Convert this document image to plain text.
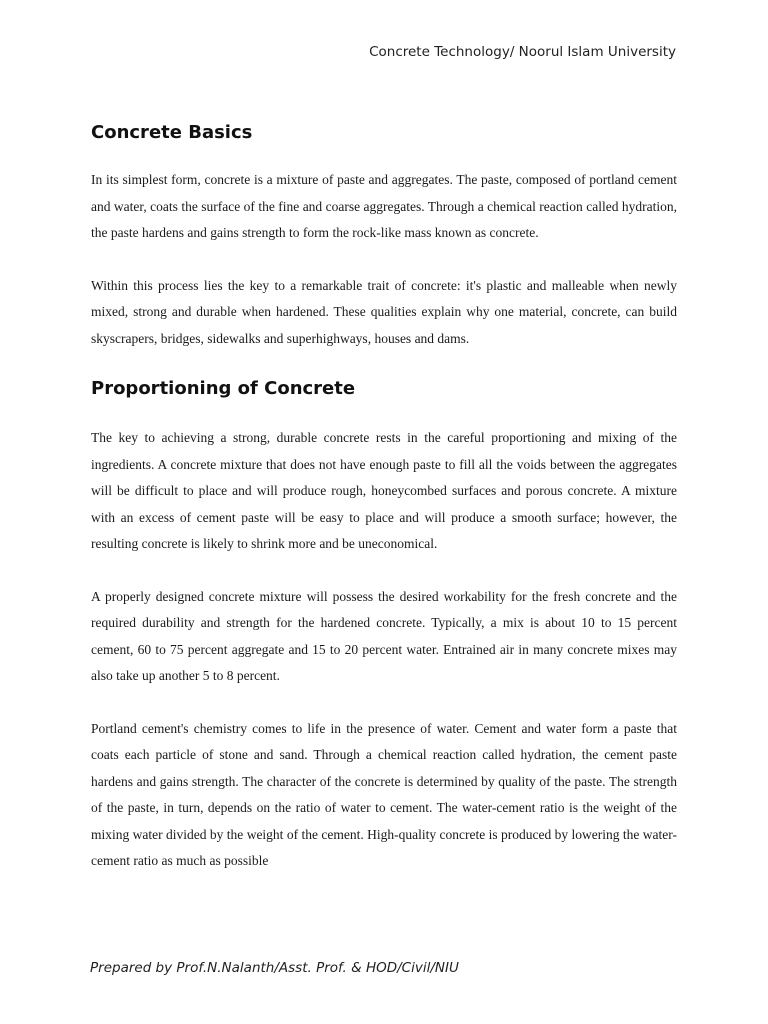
Concrete Technology/ Noorul Islam University
Concrete Basics

In its simplest form, concrete is a mixture of paste and aggregates. The paste, composed of portland cement and water, coats the surface of the fine and coarse aggregates. Through a chemical reaction called hydration, the paste hardens and gains strength to form the rock-like mass known as concrete.

Within this process lies the key to a remarkable trait of concrete: it's plastic and malleable when newly mixed, strong and durable when hardened. These qualities explain why one material, concrete, can build skyscrapers, bridges, sidewalks and superhighways, houses and dams.

Proportioning of Concrete

The key to achieving a strong, durable concrete rests in the careful proportioning and mixing of the ingredients. A concrete mixture that does not have enough paste to fill all the voids between the aggregates will be difficult to place and will produce rough, honeycombed surfaces and porous concrete. A mixture with an excess of cement paste will be easy to place and will produce a smooth surface; however, the resulting concrete is likely to shrink more and be uneconomical.

A properly designed concrete mixture will possess the desired workability for the fresh concrete and the required durability and strength for the hardened concrete. Typically, a mix is about 10 to 15 percent cement, 60 to 75 percent aggregate and 15 to 20 percent water. Entrained air in many concrete mixes may also take up another 5 to 8 percent.

Portland cement's chemistry comes to life in the presence of water. Cement and water form a paste that coats each particle of stone and sand. Through a chemical reaction called hydration, the cement paste hardens and gains strength. The character of the concrete is determined by quality of the paste. The strength of the paste, in turn, depends on the ratio of water to cement. The water-cement ratio is the weight of the mixing water divided by the weight of the cement. High-quality concrete is produced by lowering the water-cement ratio as much as possible

Prepared by Prof.N.Nalanth/Asst. Prof. & HOD/Civil/NIU
